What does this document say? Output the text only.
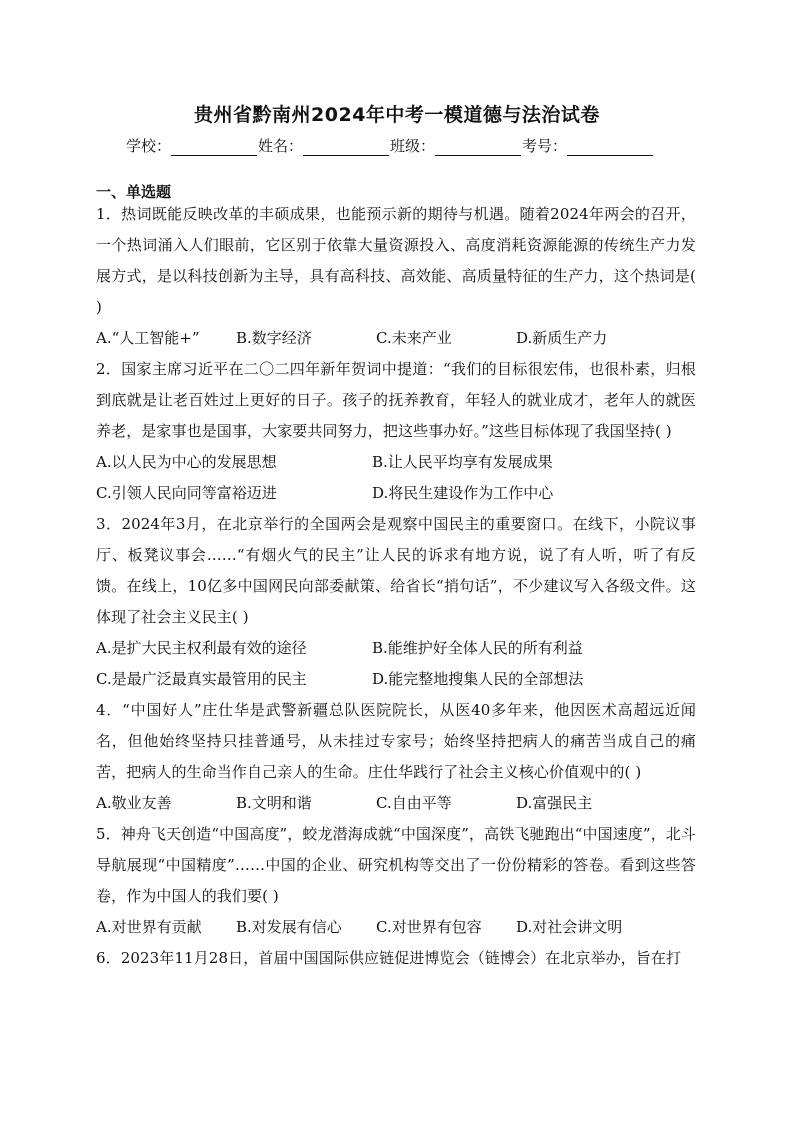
贵州省黔南州2024年中考一模道德与法治试卷
学校：	姓名：	班级：	考号：
一、单选题

1．热词既能反映改革的丰硕成果，也能预示新的期待与机遇。随着2024年两会的召开，一个热词涌入人们眼前，它区别于依靠大量资源投入、高度消耗资源能源的传统生产力发展方式，是以科技创新为主导，具有高科技、高效能、高质量特征的生产力，这个热词是( )

A.“人工智能+”	B.数字经济	C.未来产业	D.新质生产力

2．国家主席习近平在二〇二四年新年贺词中提道：“我们的目标很宏伟，也很朴素，归根到底就是让老百姓过上更好的日子。孩子的抚养教育，年轻人的就业成才，老年人的就医养老，是家事也是国事，大家要共同努力，把这些事办好。”这些目标体现了我国坚持( )

A.以人民为中心的发展思想	B.让人民平均享有发展成果
C.引领人民向同等富裕迈进	D.将民生建设作为工作中心

3．2024年3月，在北京举行的全国两会是观察中国民主的重要窗口。在线下，小院议事厅、板凳议事会……“有烟火气的民主”让人民的诉求有地方说，说了有人听，听了有反馈。在线上，10亿多中国网民向部委献策、给省长“捎句话”，不少建议写入各级文件。这体现了社会主义民主( )

A.是扩大民主权利最有效的途径	B.能维护好全体人民的所有利益
C.是最广泛最真实最管用的民主	D.能完整地搜集人民的全部想法

4．“中国好人”庄仕华是武警新疆总队医院院长，从医40多年来，他因医术高超远近闻名，但他始终坚持只挂普通号，从未挂过专家号；始终坚持把病人的痛苦当成自己的痛苦，把病人的生命当作自己亲人的生命。庄仕华践行了社会主义核心价值观中的( )

A.敬业友善	B.文明和谐	C.自由平等	D.富强民主

5．神舟飞天创造“中国高度”，蛟龙潜海成就“中国深度”，高铁飞驰跑出“中国速度”，北斗导航展现“中国精度”……中国的企业、研究机构等交出了一份份精彩的答卷。看到这些答卷，作为中国人的我们要( )

A.对世界有贡献	B.对发展有信心	C.对世界有包容	D.对社会讲文明

6．2023年11月28日，首届中国国际供应链促进博览会（链博会）在北京举办，旨在打
